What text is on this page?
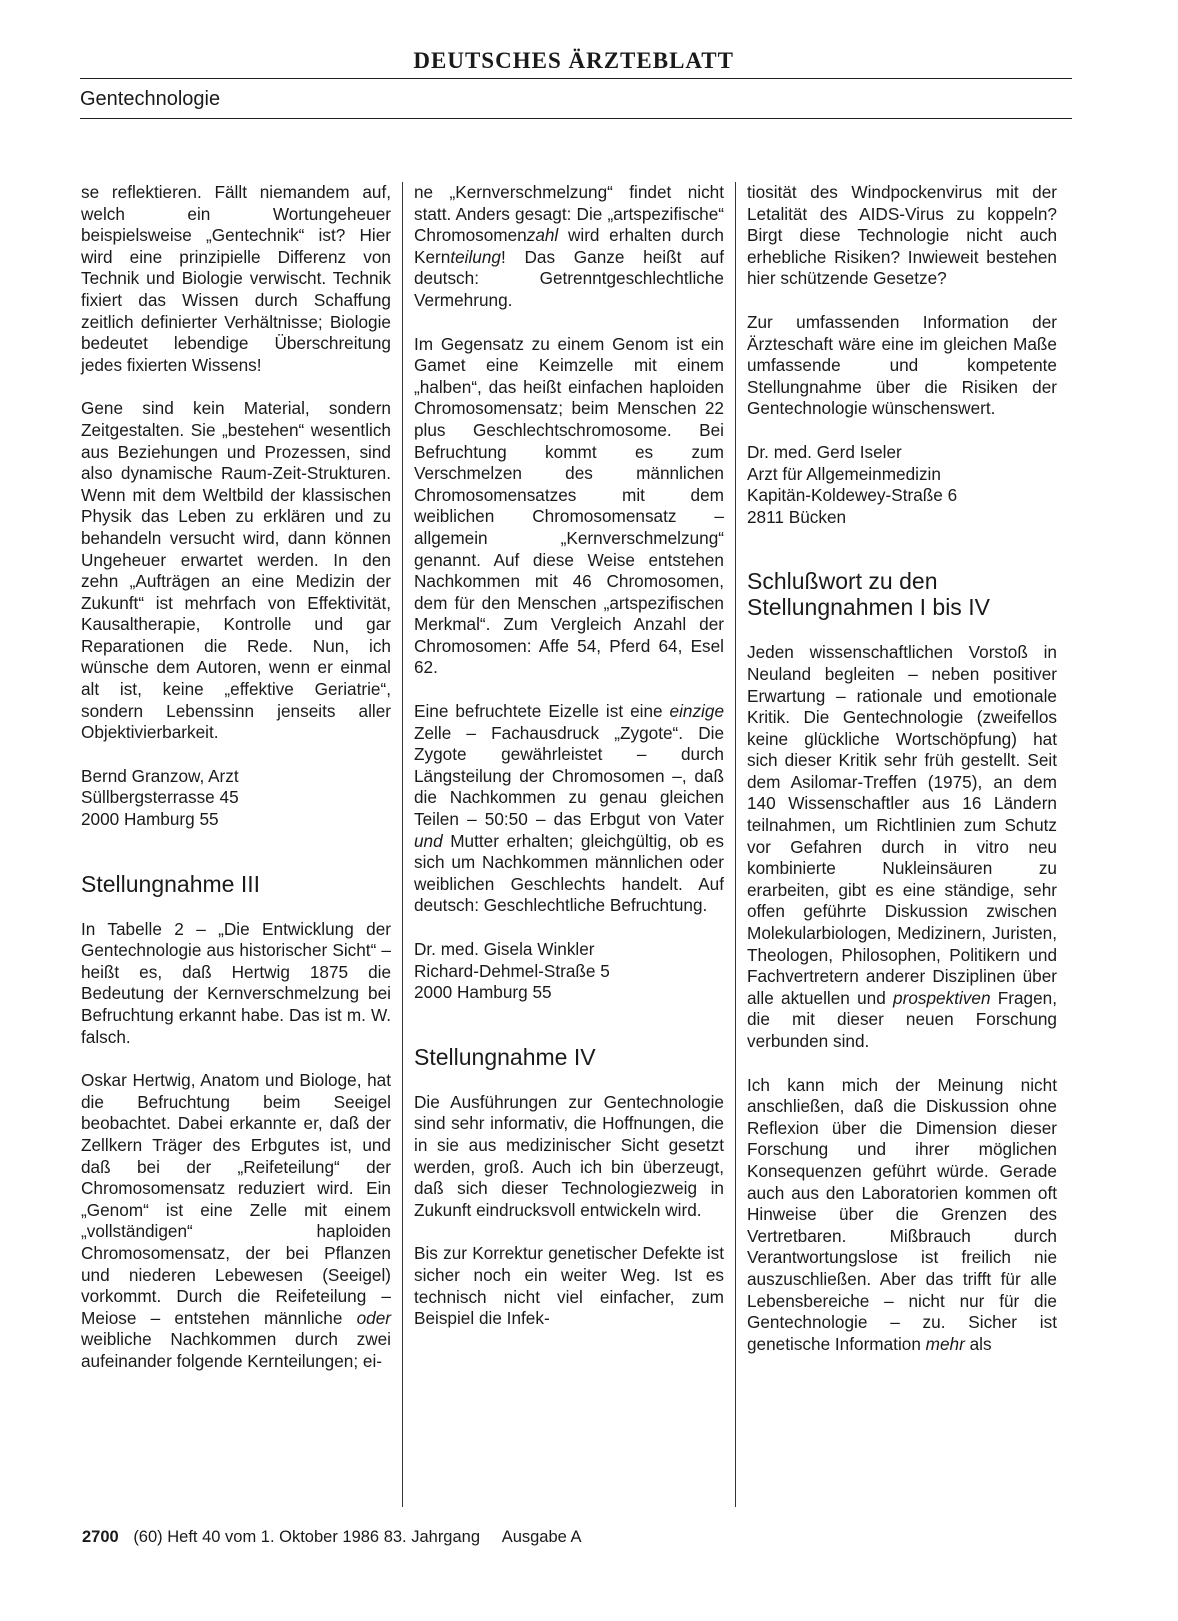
DEUTSCHES ÄRZTEBLATT
Gentechnologie

se reflektieren. Fällt niemandem auf, welch ein Wortungeheuer beispielsweise „Gentechnik“ ist? Hier wird eine prinzipielle Differenz von Technik und Biologie verwischt. Technik fixiert das Wissen durch Schaffung zeitlich definierter Verhältnisse; Biologie bedeutet lebendige Überschreitung jedes fixierten Wissens!

Gene sind kein Material, sondern Zeitgestalten. Sie „bestehen“ wesentlich aus Beziehungen und Prozessen, sind also dynamische Raum-Zeit-Strukturen. Wenn mit dem Weltbild der klassischen Physik das Leben zu erklären und zu behandeln versucht wird, dann können Ungeheuer erwartet werden. In den zehn „Aufträgen an eine Medizin der Zukunft“ ist mehrfach von Effektivität, Kausaltherapie, Kontrolle und gar Reparationen die Rede. Nun, ich wünsche dem Autoren, wenn er einmal alt ist, keine „effektive Geriatrie“, sondern Lebenssinn jenseits aller Objektivierbarkeit.

Bernd Granzow, Arzt
Süllbergsterrasse 45
2000 Hamburg 55

Stellungnahme III

In Tabelle 2 – „Die Entwicklung der Gentechnologie aus historischer Sicht“ – heißt es, daß Hertwig 1875 die Bedeutung der Kernverschmelzung bei Befruchtung erkannt habe. Das ist m. W. falsch.

Oskar Hertwig, Anatom und Biologe, hat die Befruchtung beim Seeigel beobachtet. Dabei erkannte er, daß der Zellkern Träger des Erbgutes ist, und daß bei der „Reifeteilung“ der Chromosomensatz reduziert wird. Ein „Genom“ ist eine Zelle mit einem „vollständigen“ haploiden Chromosomensatz, der bei Pflanzen und niederen Lebewesen (Seeigel) vorkommt. Durch die Reifeteilung – Meiose – entstehen männliche oder weibliche Nachkommen durch zwei aufeinander folgende Kernteilungen; ei-

ne „Kernverschmelzung“ findet nicht statt. Anders gesagt: Die „artspezifische“ Chromosomenzahl wird erhalten durch Kernteilung! Das Ganze heißt auf deutsch: Getrenntgeschlechtliche Vermehrung.

Im Gegensatz zu einem Genom ist ein Gamet eine Keimzelle mit einem „halben“, das heißt einfachen haploiden Chromosomensatz; beim Menschen 22 plus Geschlechtschromosome. Bei Befruchtung kommt es zum Verschmelzen des männlichen Chromosomensatzes mit dem weiblichen Chromosomensatz – allgemein „Kernverschmelzung“ genannt. Auf diese Weise entstehen Nachkommen mit 46 Chromosomen, dem für den Menschen „artspezifischen Merkmal“. Zum Vergleich Anzahl der Chromosomen: Affe 54, Pferd 64, Esel 62.

Eine befruchtete Eizelle ist eine einzige Zelle – Fachausdruck „Zygote“. Die Zygote gewährleistet – durch Längsteilung der Chromosomen –, daß die Nachkommen zu genau gleichen Teilen – 50:50 – das Erbgut von Vater und Mutter erhalten; gleichgültig, ob es sich um Nachkommen männlichen oder weiblichen Geschlechts handelt. Auf deutsch: Geschlechtliche Befruchtung.

Dr. med. Gisela Winkler
Richard-Dehmel-Straße 5
2000 Hamburg 55

Stellungnahme IV

Die Ausführungen zur Gentechnologie sind sehr informativ, die Hoffnungen, die in sie aus medizinischer Sicht gesetzt werden, groß. Auch ich bin überzeugt, daß sich dieser Technologiezweig in Zukunft eindrucksvoll entwickeln wird.

Bis zur Korrektur genetischer Defekte ist sicher noch ein weiter Weg. Ist es technisch nicht viel einfacher, zum Beispiel die Infek-

tiosität des Windpockenvirus mit der Letalität des AIDS-Virus zu koppeln? Birgt diese Technologie nicht auch erhebliche Risiken? Inwieweit bestehen hier schützende Gesetze?

Zur umfassenden Information der Ärzteschaft wäre eine im gleichen Maße umfassende und kompetente Stellungnahme über die Risiken der Gentechnologie wünschenswert.

Dr. med. Gerd Iseler
Arzt für Allgemeinmedizin
Kapitän-Koldewey-Straße 6
2811 Bücken

Schlußwort zu den Stellungnahmen I bis IV

Jeden wissenschaftlichen Vorstoß in Neuland begleiten – neben positiver Erwartung – rationale und emotionale Kritik. Die Gentechnologie (zweifellos keine glückliche Wortschöpfung) hat sich dieser Kritik sehr früh gestellt. Seit dem Asilomar-Treffen (1975), an dem 140 Wissenschaftler aus 16 Ländern teilnahmen, um Richtlinien zum Schutz vor Gefahren durch in vitro neu kombinierte Nukleinsäuren zu erarbeiten, gibt es eine ständige, sehr offen geführte Diskussion zwischen Molekularbiologen, Medizinern, Juristen, Theologen, Philosophen, Politikern und Fachvertretern anderer Disziplinen über alle aktuellen und prospektiven Fragen, die mit dieser neuen Forschung verbunden sind.

Ich kann mich der Meinung nicht anschließen, daß die Diskussion ohne Reflexion über die Dimension dieser Forschung und ihrer möglichen Konsequenzen geführt würde. Gerade auch aus den Laboratorien kommen oft Hinweise über die Grenzen des Vertretbaren. Mißbrauch durch Verantwortungslose ist freilich nie auszuschließen. Aber das trifft für alle Lebensbereiche – nicht nur für die Gentechnologie – zu. Sicher ist genetische Information mehr als

2700 (60) Heft 40 vom 1. Oktober 1986 83. Jahrgang Ausgabe A
